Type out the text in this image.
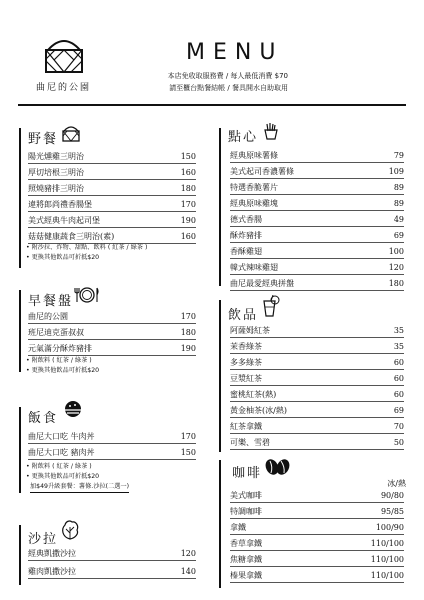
曲尼的公園
MENU
本店免收取服務費 / 每人最低消費 $70
請至櫃台點餐結帳 / 餐具開水自助取用
野餐
陽光燻雞三明治	150
厚切培根三明治	160
照燒豬排三明治	180
違將郎尚禮香腸堡	170
美式經典牛肉起司堡	190
菇菇健康蔬食三明治(素)	160
• 附沙拉、炸物、甜點、飲料 ( 紅茶 / 綠茶 )
• 更換其他飲品可折抵$20
早餐盤
曲尼的公園	170
班尼迪克蛋叔叔	180
元氣滿分酥炸豬排	190
• 附飲料 ( 紅茶 / 綠茶 )
• 更換其他飲品可折抵$20
飯食
曲尼大口吃 牛肉丼	170
曲尼大口吃 豬肉丼	150
• 附飲料 ( 紅茶 / 綠茶 )
• 更換其他飲品可折抵$20
加$49升級套餐：薯條.沙拉(二選一)
沙拉
經典凱撒沙拉	120
雞肉凱撒沙拉	140
點心
經典原味薯條	79
美式起司香濃薯條	109
特選香脆薯片	89
經典原味雞塊	89
德式香腸	49
酥炸豬排	69
香酥雞翅	100
韓式辣味雞翅	120
曲尼最愛經典拼盤	180
飲品
阿薩姆紅茶	35
茉香綠茶	35
多多綠茶	60
豆漿紅茶	60
蜜桃紅茶(熱)	60
黃金柚茶(冰/熱)	69
紅茶拿鐵	70
可樂、雪碧	50
咖啡
冰/熱
美式咖啡	90/80
特調咖啡	95/85
拿鐵	100/90
香草拿鐵	110/100
焦糖拿鐵	110/100
榛果拿鐵	110/100
